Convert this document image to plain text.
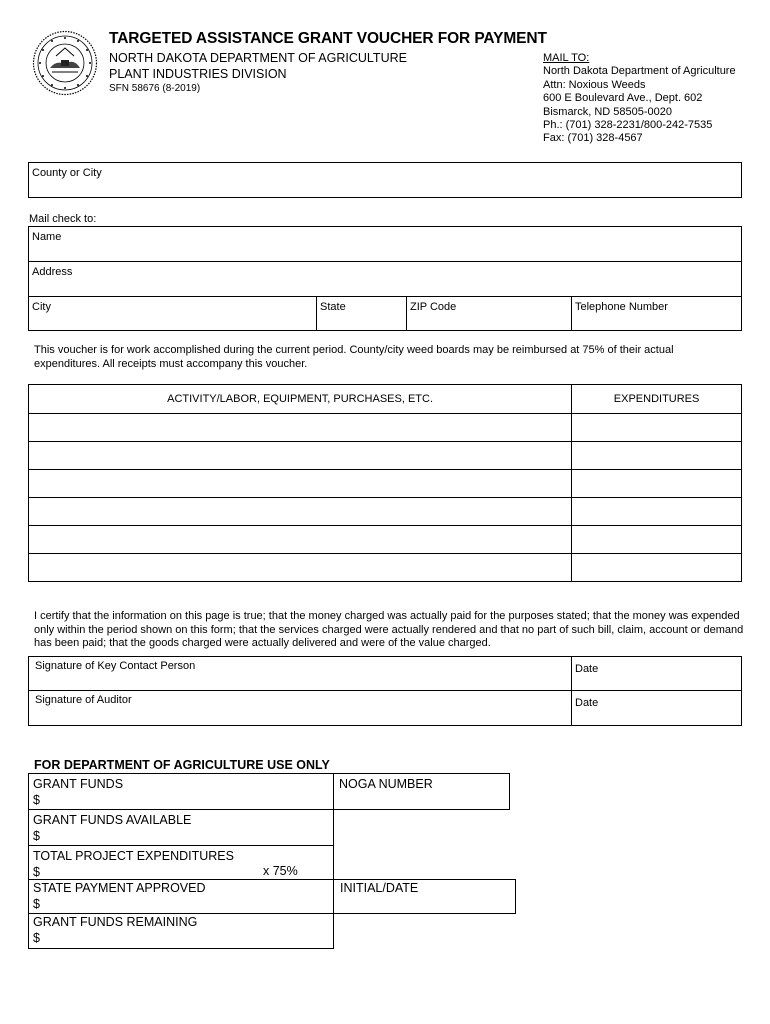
TARGETED ASSISTANCE GRANT VOUCHER FOR PAYMENT
NORTH DAKOTA DEPARTMENT OF AGRICULTURE
PLANT INDUSTRIES DIVISION
SFN 58676 (8-2019)
MAIL TO:
North Dakota Department of Agriculture
Attn: Noxious Weeds
600 E Boulevard Ave., Dept. 602
Bismarck, ND 58505-0020
Ph.: (701) 328-2231/800-242-7535
Fax: (701) 328-4567
County or City
Mail check to:
Name
Address
City	State	ZIP Code	Telephone Number
This voucher is for work accomplished during the current period. County/city weed boards may be reimbursed at 75% of their actual expenditures. All receipts must accompany this voucher.
ACTIVITY/LABOR, EQUIPMENT, PURCHASES, ETC.	EXPENDITURES

I certify that the information on this page is true; that the money charged was actually paid for the purposes stated; that the money was expended only within the period shown on this form; that the services charged were actually rendered and that no part of such bill, claim, account or demand has been paid; that the goods charged were actually delivered and were of the value charged.
Signature of Key Contact Person	Date
Signature of Auditor	Date
FOR DEPARTMENT OF AGRICULTURE USE ONLY
GRANT FUNDS
$
NOGA NUMBER
GRANT FUNDS AVAILABLE
$
TOTAL PROJECT EXPENDITURES
$	x 75%
STATE PAYMENT APPROVED
$
INITIAL/DATE
GRANT FUNDS REMAINING
$
